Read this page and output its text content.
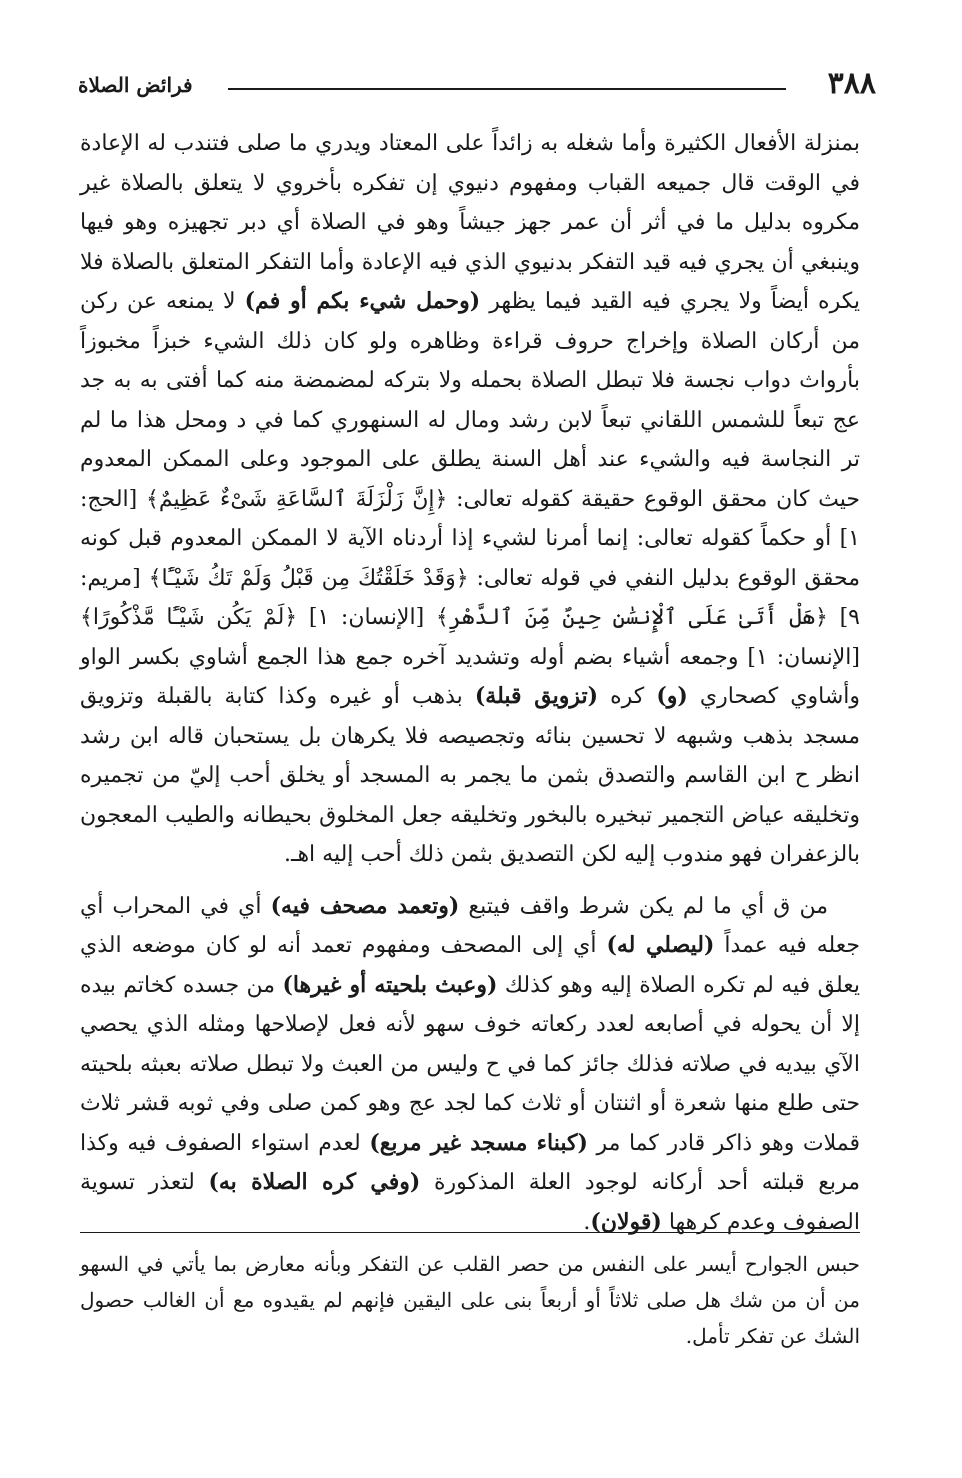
٣٨٨
فرائض الصلاة

بمنزلة الأفعال الكثيرة وأما شغله به زائداً على المعتاد ويدري ما صلى فتندب له الإعادة في الوقت قال جميعه القباب ومفهوم دنيوي إن تفكره بأخروي لا يتعلق بالصلاة غير مكروه بدليل ما في أثر أن عمر جهز جيشاً وهو في الصلاة أي دبر تجهيزه وهو فيها وينبغي أن يجري فيه قيد التفكر بدنيوي الذي فيه الإعادة وأما التفكر المتعلق بالصلاة فلا يكره أيضاً ولا يجري فيه القيد فيما يظهر (وحمل شيء بكم أو فم) لا يمنعه عن ركن من أركان الصلاة وإخراج حروف قراءة وظاهره ولو كان ذلك الشيء خبزاً مخبوزاً بأرواث دواب نجسة فلا تبطل الصلاة بحمله ولا بتركه لمضمضة منه كما أفتى به به جد عج تبعاً للشمس اللقاني تبعاً لابن رشد ومال له السنهوري كما في د ومحل هذا ما لم تر النجاسة فيه والشيء عند أهل السنة يطلق على الموجود وعلى الممكن المعدوم حيث كان محقق الوقوع حقيقة كقوله تعالى: ﴿إِنَّ زَلْزَلَةَ ٱلسَّاعَةِ شَىْءٌ عَظِيمٌ﴾ [الحج: ١] أو حكماً كقوله تعالى: إنما أمرنا لشيء إذا أردناه الآية لا الممكن المعدوم قبل كونه محقق الوقوع بدليل النفي في قوله تعالى: ﴿وَقَدْ خَلَقْتُكَ مِن قَبْلُ وَلَمْ تَكُ شَيْـًٔا﴾ [مريم: ٩] ﴿هَلْ أَتَىٰ عَلَى ٱلْإِنسَٰنِ حِينٌ مِّنَ ٱلدَّهْرِ﴾ [الإنسان: ١] ﴿لَمْ يَكُن شَيْـًٔا مَّذْكُورًا﴾ [الإنسان: ١] وجمعه أشياء بضم أوله وتشديد آخره جمع هذا الجمع أشاوي بكسر الواو وأشاوي كصحاري (و) كره (تزويق قبلة) بذهب أو غيره وكذا كتابة بالقبلة وتزويق مسجد بذهب وشبهه لا تحسين بنائه وتجصيصه فلا يكرهان بل يستحبان قاله ابن رشد انظر ح ابن القاسم والتصدق بثمن ما يجمر به المسجد أو يخلق أحب إليّ من تجميره وتخليقه عياض التجمير تبخيره بالبخور وتخليقه جعل المخلوق بحيطانه والطيب المعجون بالزعفران فهو مندوب إليه لكن التصديق بثمن ذلك أحب إليه اهـ.

من ق أي ما لم يكن شرط واقف فيتبع (وتعمد مصحف فيه) أي في المحراب أي جعله فيه عمداً (ليصلي له) أي إلى المصحف ومفهوم تعمد أنه لو كان موضعه الذي يعلق فيه لم تكره الصلاة إليه وهو كذلك (وعبث بلحيته أو غيرها) من جسده كخاتم بيده إلا أن يحوله في أصابعه لعدد ركعاته خوف سهو لأنه فعل لإصلاحها ومثله الذي يحصي الآي بيديه في صلاته فذلك جائز كما في ح وليس من العبث ولا تبطل صلاته بعبثه بلحيته حتى طلع منها شعرة أو اثنتان أو ثلاث كما لجد عج وهو كمن صلى وفي ثوبه قشر ثلاث قملات وهو ذاكر قادر كما مر (كبناء مسجد غير مربع) لعدم استواء الصفوف فيه وكذا مربع قبلته أحد أركانه لوجود العلة المذكورة (وفي كره الصلاة به) لتعذر تسوية الصفوف وعدم كرهها (قولان).

حبس الجوارح أيسر على النفس من حصر القلب عن التفكر وبأنه معارض بما يأتي في السهو من أن من شك هل صلى ثلاثاً أو أربعاً بنى على اليقين فإنهم لم يقيدوه مع أن الغالب حصول الشك عن تفكر تأمل.
